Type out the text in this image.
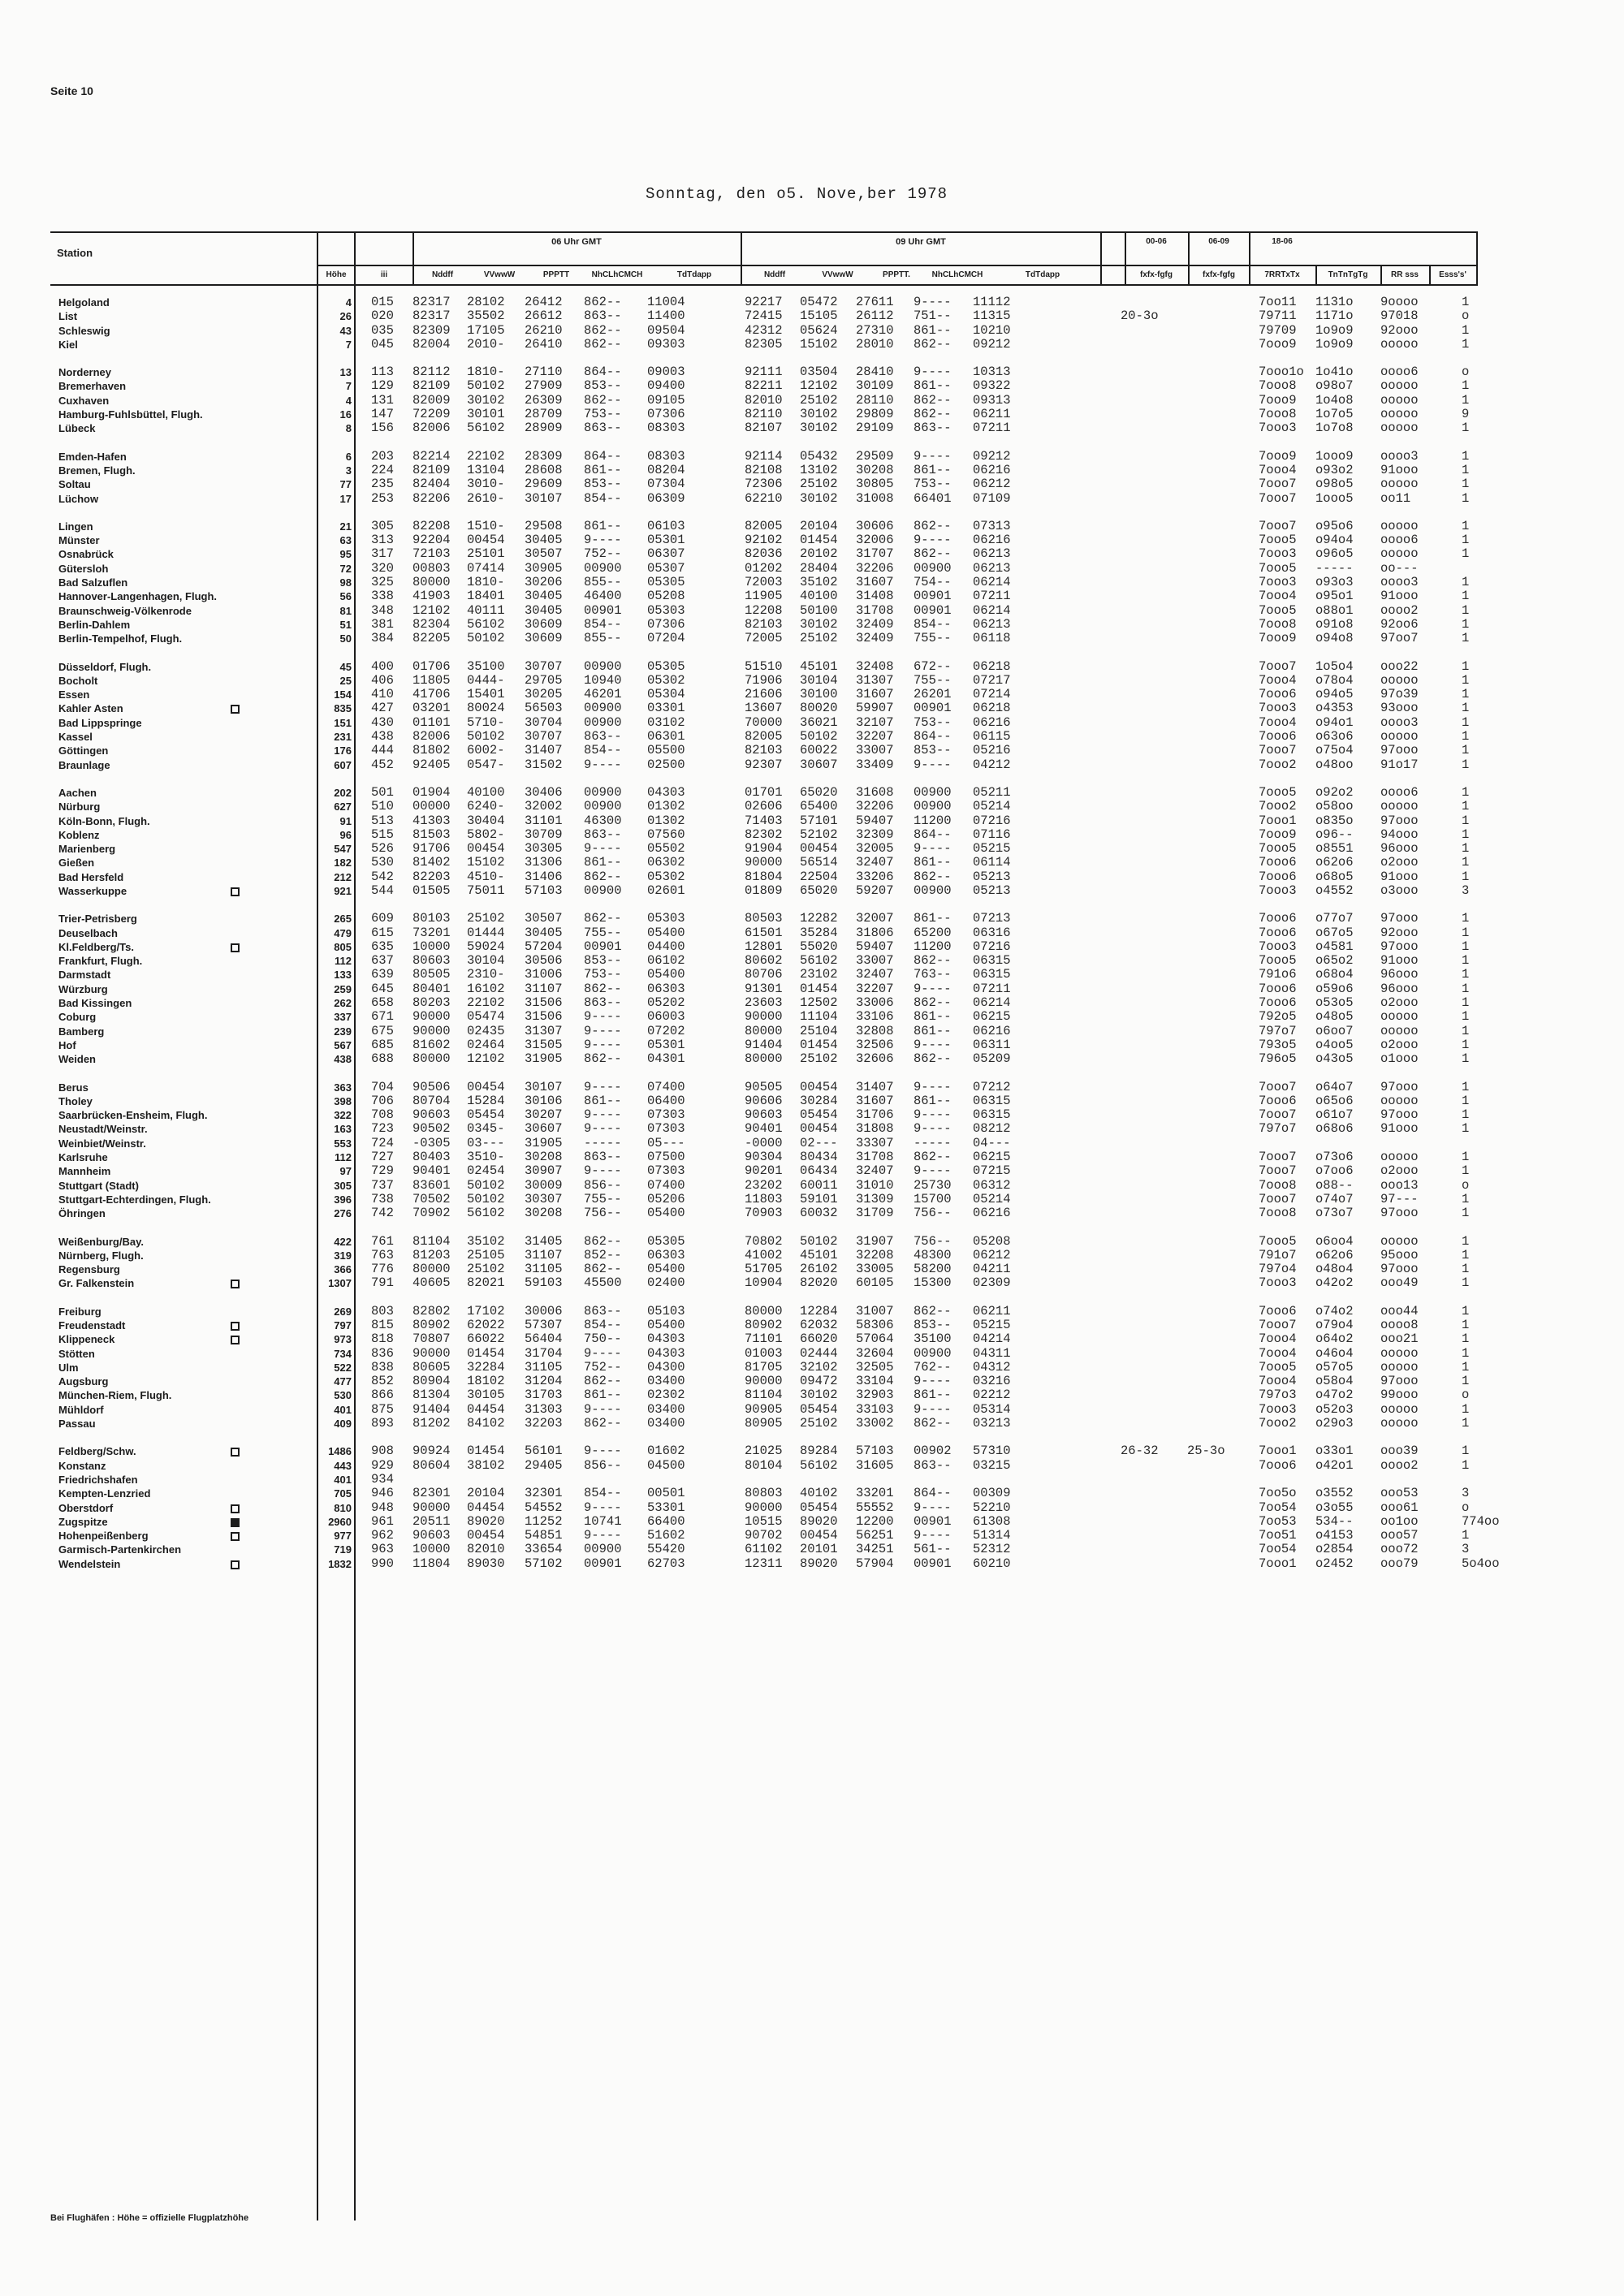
Seite 10
Sonntag, den o5. Nove,ber 1978
Station
Höhe	iii
06 Uhr GMT	09 Uhr GMT
Nddff	VVwwW	PPPTT	NhCLhCMCH	TdTdapp	Nddff	VVwwW	PPPTT.	NhCLhCMCH	TdTdapp
00-06	06-09	18-06
fxfx-fgfg	fxfx-fgfg	7RRTxTx	TnTnTgTg	RR sss	Esss's'
Helgoland	4 015 82317 28102 26412 862-- 11004	92217 05472 27611 9---- 11112	7oo11 1131o 9oooo	1
List	26 020 82317 35502 26612 863-- 11400	72415 15105 26112 751-- 11315	20-3o	79711 1171o 97018	o
Schleswig	43 035 82309 17105 26210 862-- 09504	42312 05624 27310 861-- 10210	79709 1o9o9 92ooo	1
Kiel	7 045 82004 2010- 26410 862-- 09303	82305 15102 28010 862-- 09212	7ooo9 1o9o9 ooooo	1
Norderney	13 113 82112 1810- 27110 864-- 09003	92111 03504 28410 9---- 10313	7ooo1o 1o41o oooo6	o
Bremerhaven	7 129 82109 50102 27909 853-- 09400	82211 12102 30109 861-- 09322	7ooo8 o98o7 ooooo	1
Cuxhaven	4 131 82009 30102 26309 862-- 09105	82010 25102 28110 862-- 09313	7ooo9 1o4o8 ooooo	1
Hamburg-Fuhlsbüttel, Flugh.	16 147 72209 30101 28709 753-- 07306	82110 30102 29809 862-- 06211	7ooo8 1o7o5 ooooo	9
Lübeck	8 156 82006 56102 28909 863-- 08303	82107 30102 29109 863-- 07211	7ooo3 1o7o8 ooooo	1
Emden-Hafen	6 203 82214 22102 28309 864-- 08303	92114 05432 29509 9---- 09212	7ooo9 1ooo9 oooo3	1
Bremen, Flugh.	3 224 82109 13104 28608 861-- 08204	82108 13102 30208 861-- 06216	7ooo4 o93o2 91ooo	1
Soltau	77 235 82404 3010- 29609 853-- 07304	72306 25102 30805 753-- 06212	7ooo7 o98o5 ooooo	1
Lüchow	17 253 82206 2610- 30107 854-- 06309	62210 30102 31008 66401 07109	7ooo7 1ooo5 oo11	1
Lingen	21 305 82208 1510- 29508 861-- 06103	82005 20104 30606 862-- 07313	7ooo7 o95o6 ooooo	1
Münster	63 313 92204 00454 30405 9---- 05301	92102 01454 32006 9---- 06216	7ooo5 o94o4 oooo6	1
Osnabrück	95 317 72103 25101 30507 752-- 06307	82036 20102 31707 862-- 06213	7ooo3 o96o5 ooooo	1
Gütersloh	72 320 00803 07414 30905 00900 05307	01202 28404 32206 00900 06213	7ooo5 ----- oo---
Bad Salzuflen	98 325 80000 1810- 30206 855-- 05305	72003 35102 31607 754-- 06214	7ooo3 o93o3 oooo3	1
Hannover-Langenhagen, Flugh.	56 338 41903 18401 30405 46400 05208	11905 40100 31408 00901 07211	7ooo4 o95o1 91ooo	1
Braunschweig-Völkenrode	81 348 12102 40111 30405 00901 05303	12208 50100 31708 00901 06214	7ooo5 o88o1 oooo2	1
Berlin-Dahlem	51 381 82304 56102 30609 854-- 07306	82103 30102 32409 854-- 06213	7ooo8 o91o8 92oo6	1
Berlin-Tempelhof, Flugh.	50 384 82205 50102 30609 855-- 07204	72005 25102 32409 755-- 06118	7ooo9 o94o8 97oo7	1
Düsseldorf, Flugh.	45 400 01706 35100 30707 00900 05305	51510 45101 32408 672-- 06218	7ooo7 1o5o4 ooo22	1
Bocholt	25 406 11805 0444- 29705 10940 05302	71906 30104 31307 755-- 07217	7ooo4 o78o4 ooooo	1
Essen	154 410 41706 15401 30205 46201 05304	21606 30100 31607 26201 07214	7ooo6 o94o5 97o39	1
Kahler Asten	835 427 03201 80024 56503 00900 03301	13607 80020 59907 00901 06218	7ooo3 o4353 93ooo	1
Bad Lippspringe	151 430 01101 5710- 30704 00900 03102	70000 36021 32107 753-- 06216	7ooo4 o94o1 oooo3	1
Kassel	231 438 82006 50102 30707 863-- 06301	82005 50102 32207 864-- 06115	7ooo6 o63o6 ooooo	1
Göttingen	176 444 81802 6002- 31407 854-- 05500	82103 60022 33007 853-- 05216	7ooo7 o75o4 97ooo	1
Braunlage	607 452 92405 0547- 31502 9---- 02500	92307 30607 33409 9---- 04212	7ooo2 o48oo 91o17	1
Aachen	202 501 01904 40100 30406 00900 04303	01701 65020 31608 00900 05211	7ooo5 o92o2 oooo6	1
Nürburg	627 510 00000 6240- 32002 00900 01302	02606 65400 32206 00900 05214	7ooo2 o58oo ooooo	1
Köln-Bonn, Flugh.	91 513 41303 30404 31101 46300 01302	71403 57101 59407 11200 07216	7ooo1 o835o 97ooo	1
Koblenz	96 515 81503 5802- 30709 863-- 07560	82302 52102 32309 864-- 07116	7ooo9 o96-- 94ooo	1
Marienberg	547 526 91706 00454 30305 9---- 05502	91904 00454 32005 9---- 05215	7ooo5 o8551 96ooo	1
Gießen	182 530 81402 15102 31306 861-- 06302	90000 56514 32407 861-- 06114	7ooo6 o62o6 o2ooo	1
Bad Hersfeld	212 542 82203 4510- 31406 862-- 05302	81804 22504 33206 862-- 05213	7ooo6 o68o5 91ooo	1
Wasserkuppe	921 544 01505 75011 57103 00900 02601	01809 65020 59207 00900 05213	7ooo3 o4552 o3ooo	3
Trier-Petrisberg	265 609 80103 25102 30507 862-- 05303	80503 12282 32007 861-- 07213	7ooo6 o77o7 97ooo	1
Deuselbach	479 615 73201 01444 30405 755-- 05400	61501 35284 31806 65200 06316	7ooo6 o67o5 92ooo	1
Kl.Feldberg/Ts.	805 635 10000 59024 57204 00901 04400	12801 55020 59407 11200 07216	7ooo3 o4581 97ooo	1
Frankfurt, Flugh.	112 637 80603 30104 30506 853-- 06102	80602 56102 33007 862-- 06315	7ooo5 o65o2 91ooo	1
Darmstadt	133 639 80505 2310- 31006 753-- 05400	80706 23102 32407 763-- 06315	791o6 o68o4 96ooo	1
Würzburg	259 645 80401 16102 31107 862-- 06303	91301 01454 32207 9---- 07211	7ooo6 o59o6 96ooo	1
Bad Kissingen	262 658 80203 22102 31506 863-- 05202	23603 12502 33006 862-- 06214	7ooo6 o53o5 o2ooo	1
Coburg	337 671 90000 05474 31506 9---- 06003	90000 11104 33106 861-- 06215	792o5 o48o5 ooooo	1
Bamberg	239 675 90000 02435 31307 9---- 07202	80000 25104 32808 861-- 06216	797o7 o6oo7 ooooo	1
Hof	567 685 81602 02464 31505 9---- 05301	91404 01454 32506 9---- 06311	793o5 o4oo5 o2ooo	1
Weiden	438 688 80000 12102 31905 862-- 04301	80000 25102 32606 862-- 05209	796o5 o43o5 o1ooo	1
Berus	363 704 90506 00454 30107 9---- 07400	90505 00454 31407 9---- 07212	7ooo7 o64o7 97ooo	1
Tholey	398 706 80704 15284 30106 861-- 06400	90606 30284 31607 861-- 06315	7ooo6 o65o6 ooooo	1
Saarbrücken-Ensheim, Flugh.	322 708 90603 05454 30207 9---- 07303	90603 05454 31706 9---- 06315	7ooo7 o61o7 97ooo	1
Neustadt/Weinstr.	163 723 90502 0345- 30607 9---- 07303	90401 00454 31808 9---- 08212	797o7 o68o6 91ooo	1
Weinbiet/Weinstr.	553 724 -0305 03--- 31905 ----- 05---	-0000 02--- 33307 ----- 04---
Karlsruhe	112 727 80403 3510- 30208 863-- 07500	90304 80434 31708 862-- 06215	7ooo7 o73o6 ooooo	1
Mannheim	97 729 90401 02454 30907 9---- 07303	90201 06434 32407 9---- 07215	7ooo7 o7oo6 o2ooo	1
Stuttgart (Stadt)	305 737 83601 50102 30009 856-- 07400	23202 60011 31010 25730 06312	7ooo8 o88-- ooo13	o
Stuttgart-Echterdingen, Flugh.	396 738 70502 50102 30307 755-- 05206	11803 59101 31309 15700 05214	7ooo7 o74o7 97---	1
Öhringen	276 742 70902 56102 30208 756-- 05400	70903 60032 31709 756-- 06216	7ooo8 o73o7 97ooo	1
Weißenburg/Bay.	422 761 81104 35102 31405 862-- 05305	70802 50102 31907 756-- 05208	7ooo5 o6oo4 ooooo	1
Nürnberg, Flugh.	319 763 81203 25105 31107 852-- 06303	41002 45101 32208 48300 06212	791o7 o62o6 95ooo	1
Regensburg	366 776 80000 25102 31105 862-- 05400	51705 26102 33005 58200 04211	797o4 o48o4 97ooo	1
Gr. Falkenstein	1307 791 40605 82021 59103 45500 02400	10904 82020 60105 15300 02309	7ooo3 o42o2 ooo49	1
Freiburg	269 803 82802 17102 30006 863-- 05103	80000 12284 31007 862-- 06211	7ooo6 o74o2 ooo44	1
Freudenstadt	797 815 80902 62022 57307 854-- 05400	80902 62032 58306 853-- 05215	7ooo7 o79o4 oooo8	1
Klippeneck	973 818 70807 66022 56404 750-- 04303	71101 66020 57064 35100 04214	7ooo4 o64o2 ooo21	1
Stötten	734 836 90000 01454 31704 9---- 04303	01003 02444 32604 00900 04311	7ooo4 o46o4 ooooo	1
Ulm	522 838 80605 32284 31105 752-- 04300	81705 32102 32505 762-- 04312	7ooo5 o57o5 ooooo	1
Augsburg	477 852 80904 18102 31204 862-- 03400	90000 09472 33104 9---- 03216	7ooo4 o58o4 97ooo	1
München-Riem, Flugh.	530 866 81304 30105 31703 861-- 02302	81104 30102 32903 861-- 02212	797o3 o47o2 99ooo	o
Mühldorf	401 875 91404 04454 31303 9---- 03400	90905 05454 33103 9---- 05314	7ooo3 o52o3 ooooo	1
Passau	409 893 81202 84102 32203 862-- 03400	80905 25102 33002 862-- 03213	7ooo2 o29o3 ooooo	1
Feldberg/Schw.	1486 908 90924 01454 56101 9---- 01602	21025 89284 57103 00902 57310	26-32 25-3o	7ooo1 o33o1 ooo39	1
Konstanz	443 929 80604 38102 29405 856-- 04500	80104 56102 31605 863-- 03215	7ooo6 o42o1 oooo2	1
Friedrichshafen	401 934
Kempten-Lenzried	705 946 82301 20104 32301 854-- 00501	80803 40102 33201 864-- 00309	7oo5o o3552 ooo53	3
Oberstdorf	810 948 90000 04454 54552 9---- 53301	90000 05454 55552 9---- 52210	7oo54 o3o55 ooo61	o
Zugspitze	2960 961 20511 89020 11252 10741 66400	10515 89020 12200 00901 61308	7oo53 534-- oo1oo	774oo
Hohenpeißenberg	977 962 90603 00454 54851 9---- 51602	90702 00454 56251 9---- 51314	7oo51 o4153 ooo57	1
Garmisch-Partenkirchen	719 963 10000 82010 33654 00900 55420	61102 20101 34251 561-- 52312	7oo54 o2854 ooo72	3
Wendelstein	1832 990 11804 89030 57102 00901 62703	12311 89020 57904 00901 60210	7ooo1 o2452 ooo79	5o4oo
Bei Flughäfen : Höhe = offizielle Flugplatzhöhe
